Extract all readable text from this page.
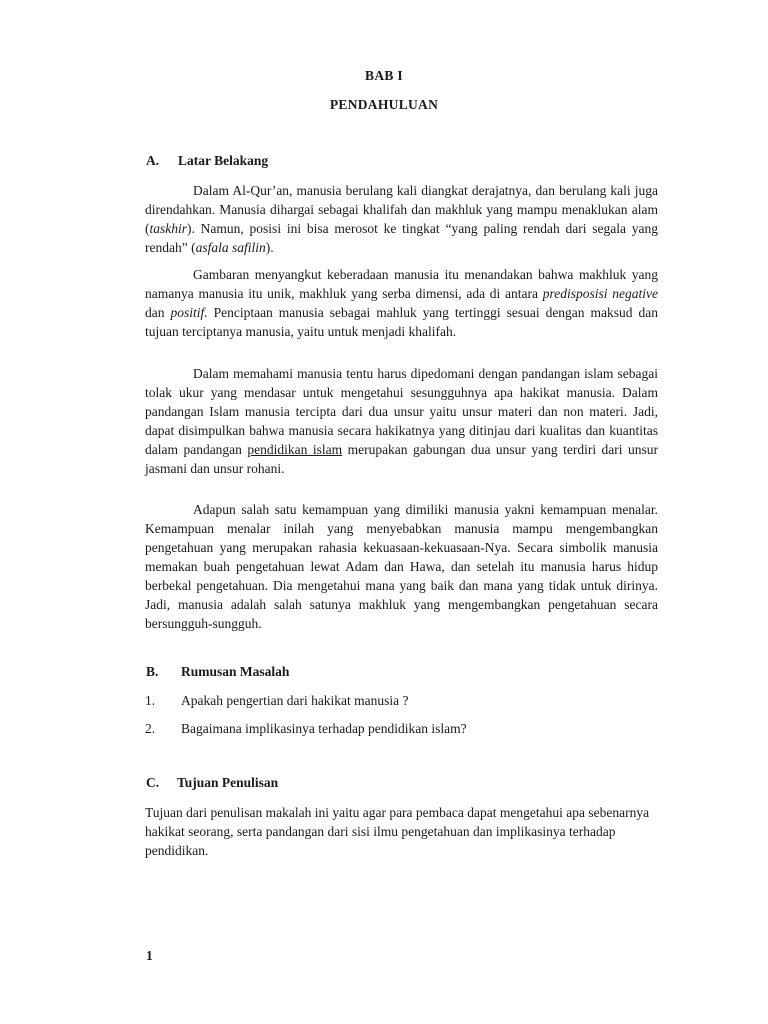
BAB I
PENDAHULUAN
A. Latar Belakang

Dalam Al-Qur’an, manusia berulang kali diangkat derajatnya, dan berulang kali juga direndahkan. Manusia dihargai sebagai khalifah dan makhluk yang mampu menaklukan alam (taskhir). Namun, posisi ini bisa merosot ke tingkat “yang paling rendah dari segala yang rendah” (asfala safilin).

Gambaran menyangkut keberadaan manusia itu menandakan bahwa makhluk yang namanya manusia itu unik, makhluk yang serba dimensi, ada di antara predisposisi negative dan positif. Penciptaan manusia sebagai mahluk yang tertinggi sesuai dengan maksud dan tujuan terciptanya manusia, yaitu untuk menjadi khalifah.

Dalam memahami manusia tentu harus dipedomani dengan pandangan islam sebagai tolak ukur yang mendasar untuk mengetahui sesungguhnya apa hakikat manusia. Dalam pandangan Islam manusia tercipta dari dua unsur yaitu unsur materi dan non materi. Jadi, dapat disimpulkan bahwa manusia secara hakikatnya yang ditinjau dari kualitas dan kuantitas dalam pandangan pendidikan islam merupakan gabungan dua unsur yang terdiri dari unsur jasmani dan unsur rohani.

Adapun salah satu kemampuan yang dimiliki manusia yakni kemampuan menalar. Kemampuan menalar inilah yang menyebabkan manusia mampu mengembangkan pengetahuan yang merupakan rahasia kekuasaan-kekuasaan-Nya. Secara simbolik manusia memakan buah pengetahuan lewat Adam dan Hawa, dan setelah itu manusia harus hidup berbekal pengetahuan. Dia mengetahui mana yang baik dan mana yang tidak untuk dirinya. Jadi, manusia adalah salah satunya makhluk yang mengembangkan pengetahuan secara bersungguh-sungguh.

B. Rumusan Masalah
1. Apakah pengertian dari hakikat manusia ?
2. Bagaimana implikasinya terhadap pendidikan islam?
C. Tujuan Penulisan

Tujuan dari penulisan makalah ini yaitu agar para pembaca dapat mengetahui apa sebenarnya hakikat seorang, serta pandangan dari sisi ilmu pengetahuan dan implikasinya terhadap pendidikan.

1
